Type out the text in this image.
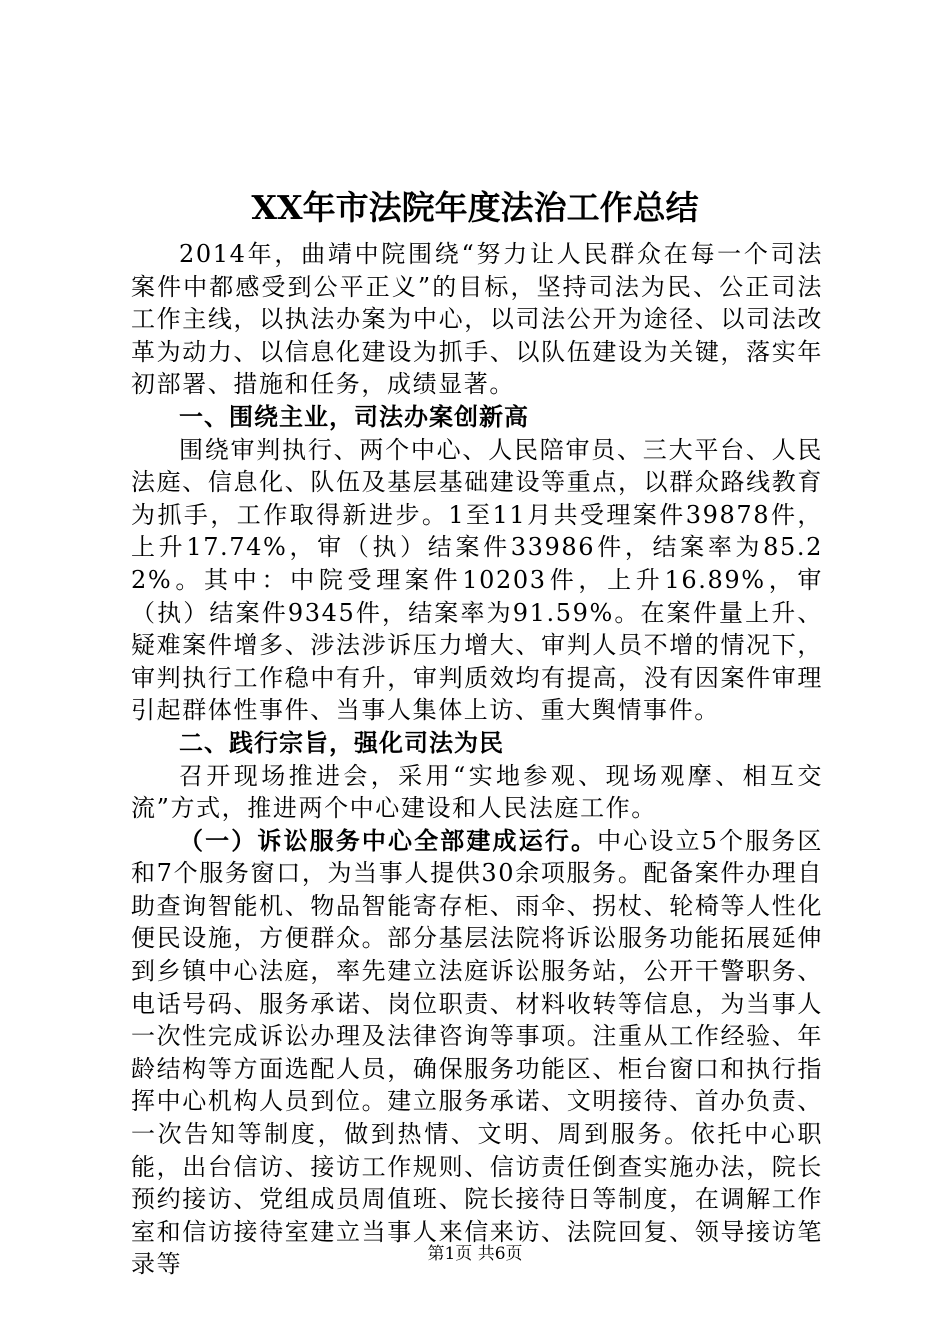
XX年市法院年度法治工作总结

2014年，曲靖中院围绕“努力让人民群众在每一个司法案件中都感受到公平正义”的目标，坚持司法为民、公正司法工作主线，以执法办案为中心，以司法公开为途径、以司法改革为动力、以信息化建设为抓手、以队伍建设为关键，落实年初部署、措施和任务，成绩显著。

一、围绕主业，司法办案创新高

围绕审判执行、两个中心、人民陪审员、三大平台、人民法庭、信息化、队伍及基层基础建设等重点，以群众路线教育为抓手，工作取得新进步。1至11月共受理案件39878件，上升17.74%，审（执）结案件33986件，结案率为85.22%。其中：中院受理案件10203件，上升16.89%，审（执）结案件9345件，结案率为91.59%。在案件量上升、疑难案件增多、涉法涉诉压力增大、审判人员不增的情况下，审判执行工作稳中有升，审判质效均有提高，没有因案件审理引起群体性事件、当事人集体上访、重大舆情事件。

二、践行宗旨，强化司法为民

召开现场推进会，采用“实地参观、现场观摩、相互交流”方式，推进两个中心建设和人民法庭工作。

（一）诉讼服务中心全部建成运行。中心设立5个服务区和7个服务窗口，为当事人提供30余项服务。配备案件办理自助查询智能机、物品智能寄存柜、雨伞、拐杖、轮椅等人性化便民设施，方便群众。部分基层法院将诉讼服务功能拓展延伸到乡镇中心法庭，率先建立法庭诉讼服务站，公开干警职务、电话号码、服务承诺、岗位职责、材料收转等信息，为当事人一次性完成诉讼办理及法律咨询等事项。注重从工作经验、年龄结构等方面选配人员，确保服务功能区、柜台窗口和执行指挥中心机构人员到位。建立服务承诺、文明接待、首办负责、一次告知等制度，做到热情、文明、周到服务。依托中心职能，出台信访、接访工作规则、信访责任倒查实施办法，院长预约接访、党组成员周值班、院长接待日等制度，在调解工作室和信访接待室建立当事人来信来访、法院回复、领导接访笔录等	第1页 共6页
